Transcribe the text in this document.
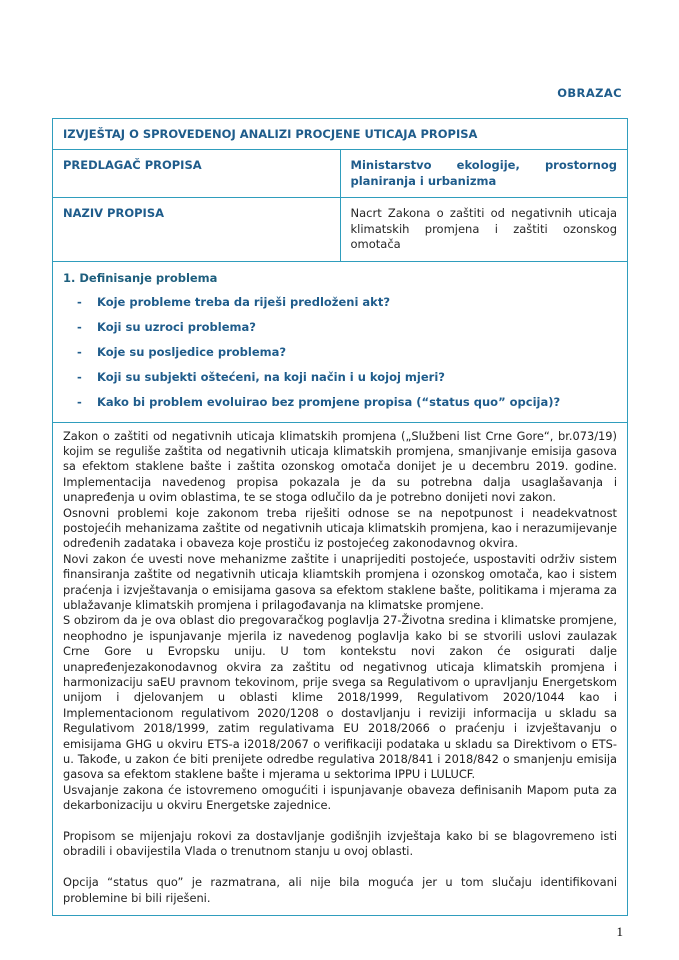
OBRAZAC
IZVJEŠTAJ O SPROVEDENOJ ANALIZI PROCJENE UTICAJA PROPISA	
PREDLAGAČ PROPISA	Ministarstvo ekologije, prostornog planiranja i urbanizma
NAZIV PROPISA	Nacrt Zakona o zaštiti od negativnih uticaja klimatskih promjena i zaštiti ozonskog omotača

1. Definisanje problema
-	Koje probleme treba da riješi predloženi akt?
-	Koji su uzroci problema?
-	Koje su posljedice problema?
-	Koji su subjekti oštećeni, na koji način i u kojoj mjeri?
-	Kako bi problem evoluirao bez promjene propisa (“status quo” opcija)?

Zakon o zaštiti od negativnih uticaja klimatskih promjena („Službeni list Crne Gore“, br.073/19) kojim se reguliše zaštita od negativnih uticaja klimatskih promjena, smanjivanje emisija gasova sa efektom staklene bašte i zaštita ozonskog omotača donijet je u decembru 2019. godine. Implementacija navedenog propisa pokazala je da su potrebna dalja usaglašavanja i unapređenja u ovim oblastima, te se stoga odlučilo da je potrebno donijeti novi zakon.

Osnovni problemi koje zakonom treba riješiti odnose se na nepotpunost i neadekvatnost postojećih mehanizama zaštite od negativnih uticaja klimatskih promjena, kao i nerazumijevanje određenih zadataka i obaveza koje prostiču iz postojećeg zakonodavnog okvira.

Novi zakon će uvesti nove mehanizme zaštite i unaprijediti postojeće, uspostaviti održiv sistem finansiranja zaštite od negativnih uticaja kliamtskih promjena i ozonskog omotača, kao i sistem praćenja i izvještavanja o emisijama gasova sa efektom staklene bašte, politikama i mjerama za ublažavanje klimatskih promjena i prilagođavanja na klimatske promjene.

S obzirom da je ova oblast dio pregovaračkog poglavlja 27-Životna sredina i klimatske promjene, neophodno je ispunjavanje mjerila iz navedenog poglavlja kako bi se stvorili uslovi zaulazak Crne Gore u Evropsku uniju. U tom kontekstu novi zakon će osigurati dalje unapređenjezakonodavnog okvira za zaštitu od negativnog uticaja klimatskih promjena i harmonizaciju saEU pravnom tekovinom, prije svega sa Regulativom o upravljanju Energetskom unijom i djelovanjem u oblasti klime 2018/1999, Regulativom 2020/1044 kao i Implementacionom regulativom 2020/1208 o dostavljanju i reviziji informacija u skladu sa Regulativom 2018/1999, zatim regulativama EU 2018/2066 o praćenju i izvještavanju o emisijama GHG u okviru ETS-a i2018/2067 o verifikaciji podataka u skladu sa Direktivom o ETS-u. Takođe, u zakon će biti prenijete odredbe regulativa 2018/841 i 2018/842 o smanjenju emisija gasova sa efektom staklene bašte i mjerama u sektorima IPPU i LULUCF.

Usvajanje zakona će istovremeno omogućiti i ispunjavanje obaveza definisanih Mapom puta za dekarbonizaciju u okviru Energetske zajednice.

Propisom se mijenjaju rokovi za dostavljanje godišnjih izvještaja kako bi se blagovremeno isti obradili i obavijestila Vlada o trenutnom stanju u ovoj oblasti.

Opcija “status quo” je razmatrana, ali nije bila moguća jer u tom slučaju identifikovani problemine bi bili riješeni.

1
